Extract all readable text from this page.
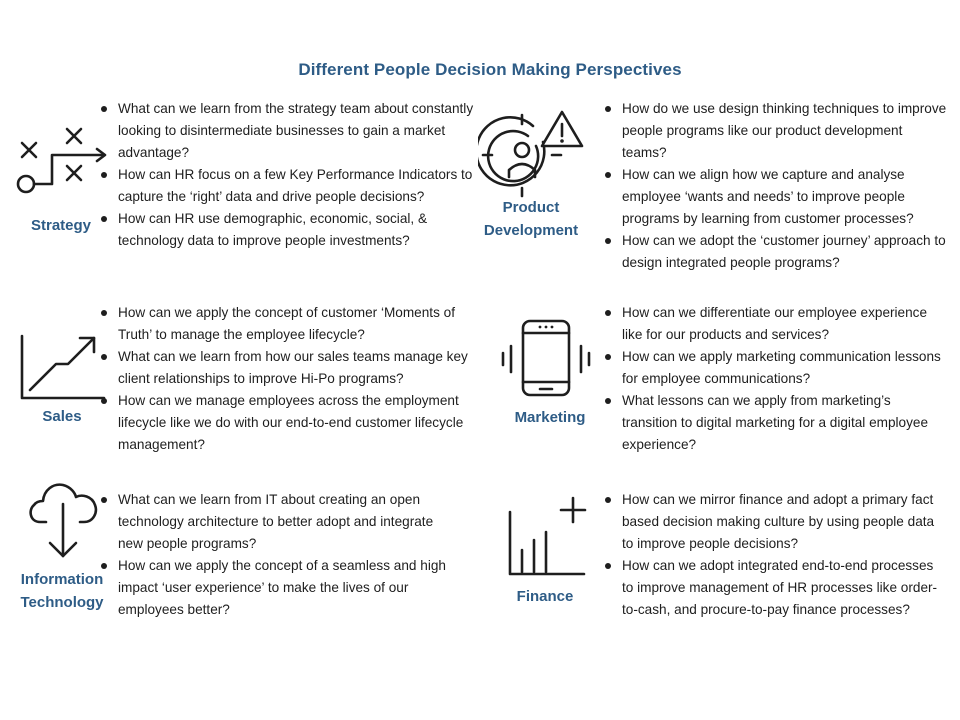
Different People Decision Making Perspectives
Strategy
What can we learn from the strategy team about constantly looking to disintermediate businesses to gain a market advantage?
How can HR focus on a few Key Performance Indicators to capture the ‘right’ data and drive people decisions?
How can HR use demographic, economic, social, & technology data to improve people investments?
Product
Development
How do we use design thinking techniques to improve people programs like our product development teams?
How can we align how we capture and analyse employee ‘wants and needs’ to improve people programs by learning from customer processes?
How can we adopt the ‘customer journey’ approach to design integrated people programs?
Sales
How can we apply the concept of customer ‘Moments of Truth’ to manage the employee lifecycle?
What can we learn from how our sales teams manage key client relationships to improve Hi-Po programs?
How can we manage employees across the employment lifecycle like we do with our end-to-end customer lifecycle management?
Marketing
How can we differentiate our employee experience like for our products and services?
How can we apply marketing communication lessons for employee communications?
What lessons can we apply from marketing’s transition to digital marketing for a digital employee experience?
Information
Technology
What can we learn from IT about creating an open technology architecture to better adopt and integrate new people programs?
How can we apply the concept of a seamless and high impact ‘user experience’ to make the lives of our employees better?
Finance
How can we mirror finance and adopt a primary fact based decision making culture by using people data to improve people decisions?
How can we adopt integrated end-to-end processes to improve management of HR processes like order-to-cash, and procure-to-pay finance processes?
